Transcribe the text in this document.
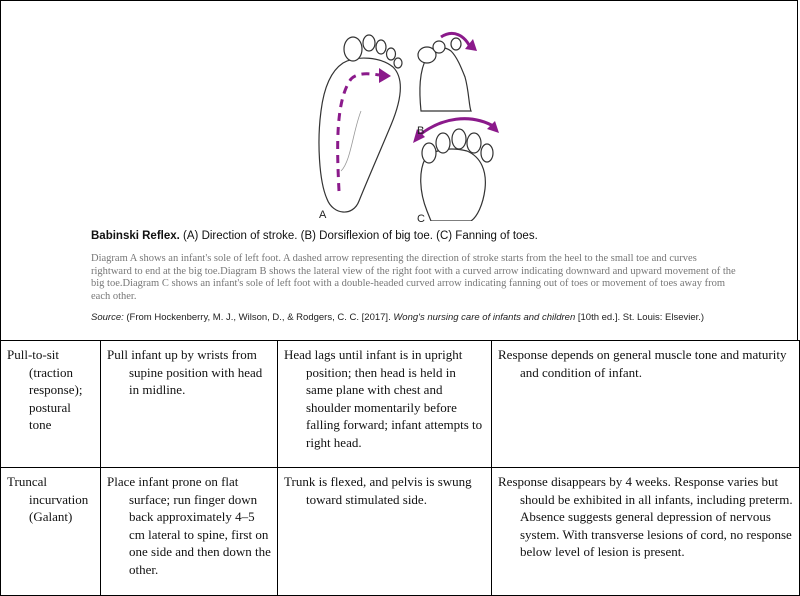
A
B
C
Babinski Reflex. (A) Direction of stroke. (B) Dorsiflexion of big toe. (C) Fanning of toes.
Diagram A shows an infant's sole of left foot. A dashed arrow representing the direction of stroke starts from the heel to the small toe and curves rightward to end at the big toe.Diagram B shows the lateral view of the right foot with a curved arrow indicating downward and upward movement of the big toe.Diagram C shows an infant's sole of left foot with a double-headed curved arrow indicating fanning out of toes or movement of toes away from each other.
Source: (From Hockenberry, M. J., Wilson, D., & Rodgers, C. C. [2017]. Wong's nursing care of infants and children [10th ed.]. St. Louis: Elsevier.)
Pull-to-sit (traction response); postural tone	Pull infant up by wrists from supine position with head in midline.	Head lags until infant is in upright position; then head is held in same plane with chest and shoulder momentarily before falling forward; infant attempts to right head.	Response depends on general muscle tone and maturity and condition of infant.

Truncal incurvation (Galant)	Place infant prone on flat surface; run finger down back approximately 4–5 cm lateral to spine, first on one side and then down the other.	Trunk is flexed, and pelvis is swung toward stimulated side.	Response disappears by 4 weeks. Response varies but should be exhibited in all infants, including preterm. Absence suggests general depression of nervous system. With transverse lesions of cord, no response below level of lesion is present.
